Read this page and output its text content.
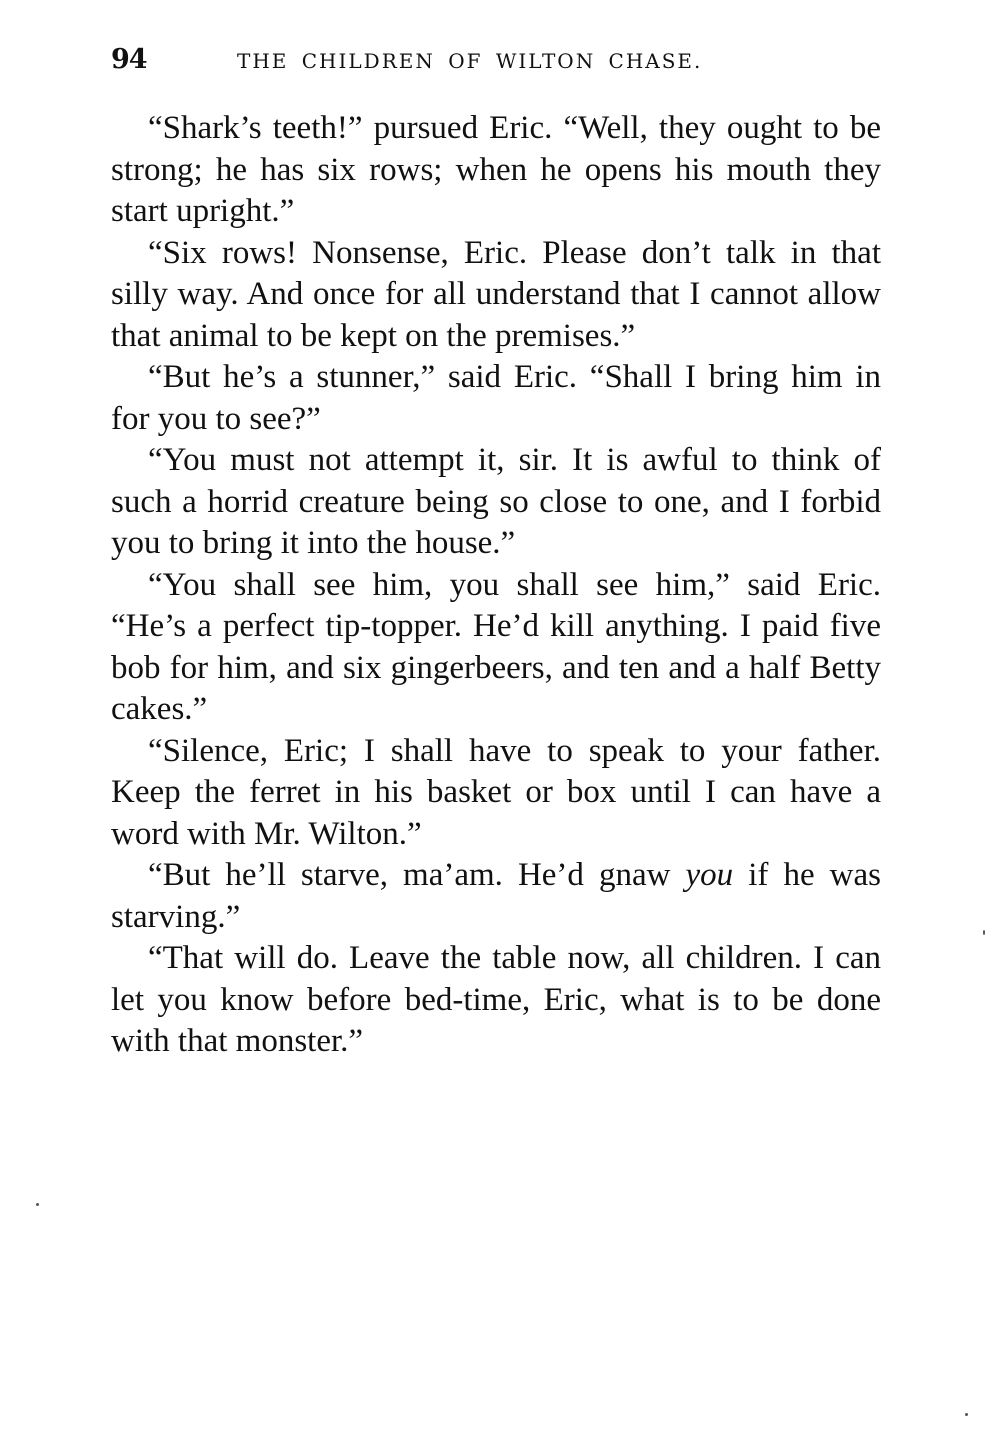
94	THE CHILDREN OF WILTON CHASE.

“Shark’s teeth!” pursued Eric. “Well, they ought to be strong; he has six rows; when he opens his mouth they start upright.”

“Six rows! Nonsense, Eric. Please don’t talk in that silly way. And once for all understand that I cannot allow that animal to be kept on the premises.”

“But he’s a stunner,” said Eric. “Shall I bring him in for you to see?”

“You must not attempt it, sir. It is awful to think of such a horrid creature being so close to one, and I forbid you to bring it into the house.”

“You shall see him, you shall see him,” said Eric. “He’s a perfect tip-topper. He’d kill anything. I paid five bob for him, and six gingerbeers, and ten and a half Betty cakes.”

“Silence, Eric; I shall have to speak to your father. Keep the ferret in his basket or box until I can have a word with Mr. Wilton.”

“But he’ll starve, ma’am. He’d gnaw you if he was starving.”

“That will do. Leave the table now, all children. I can let you know before bed-time, Eric, what is to be done with that monster.”
